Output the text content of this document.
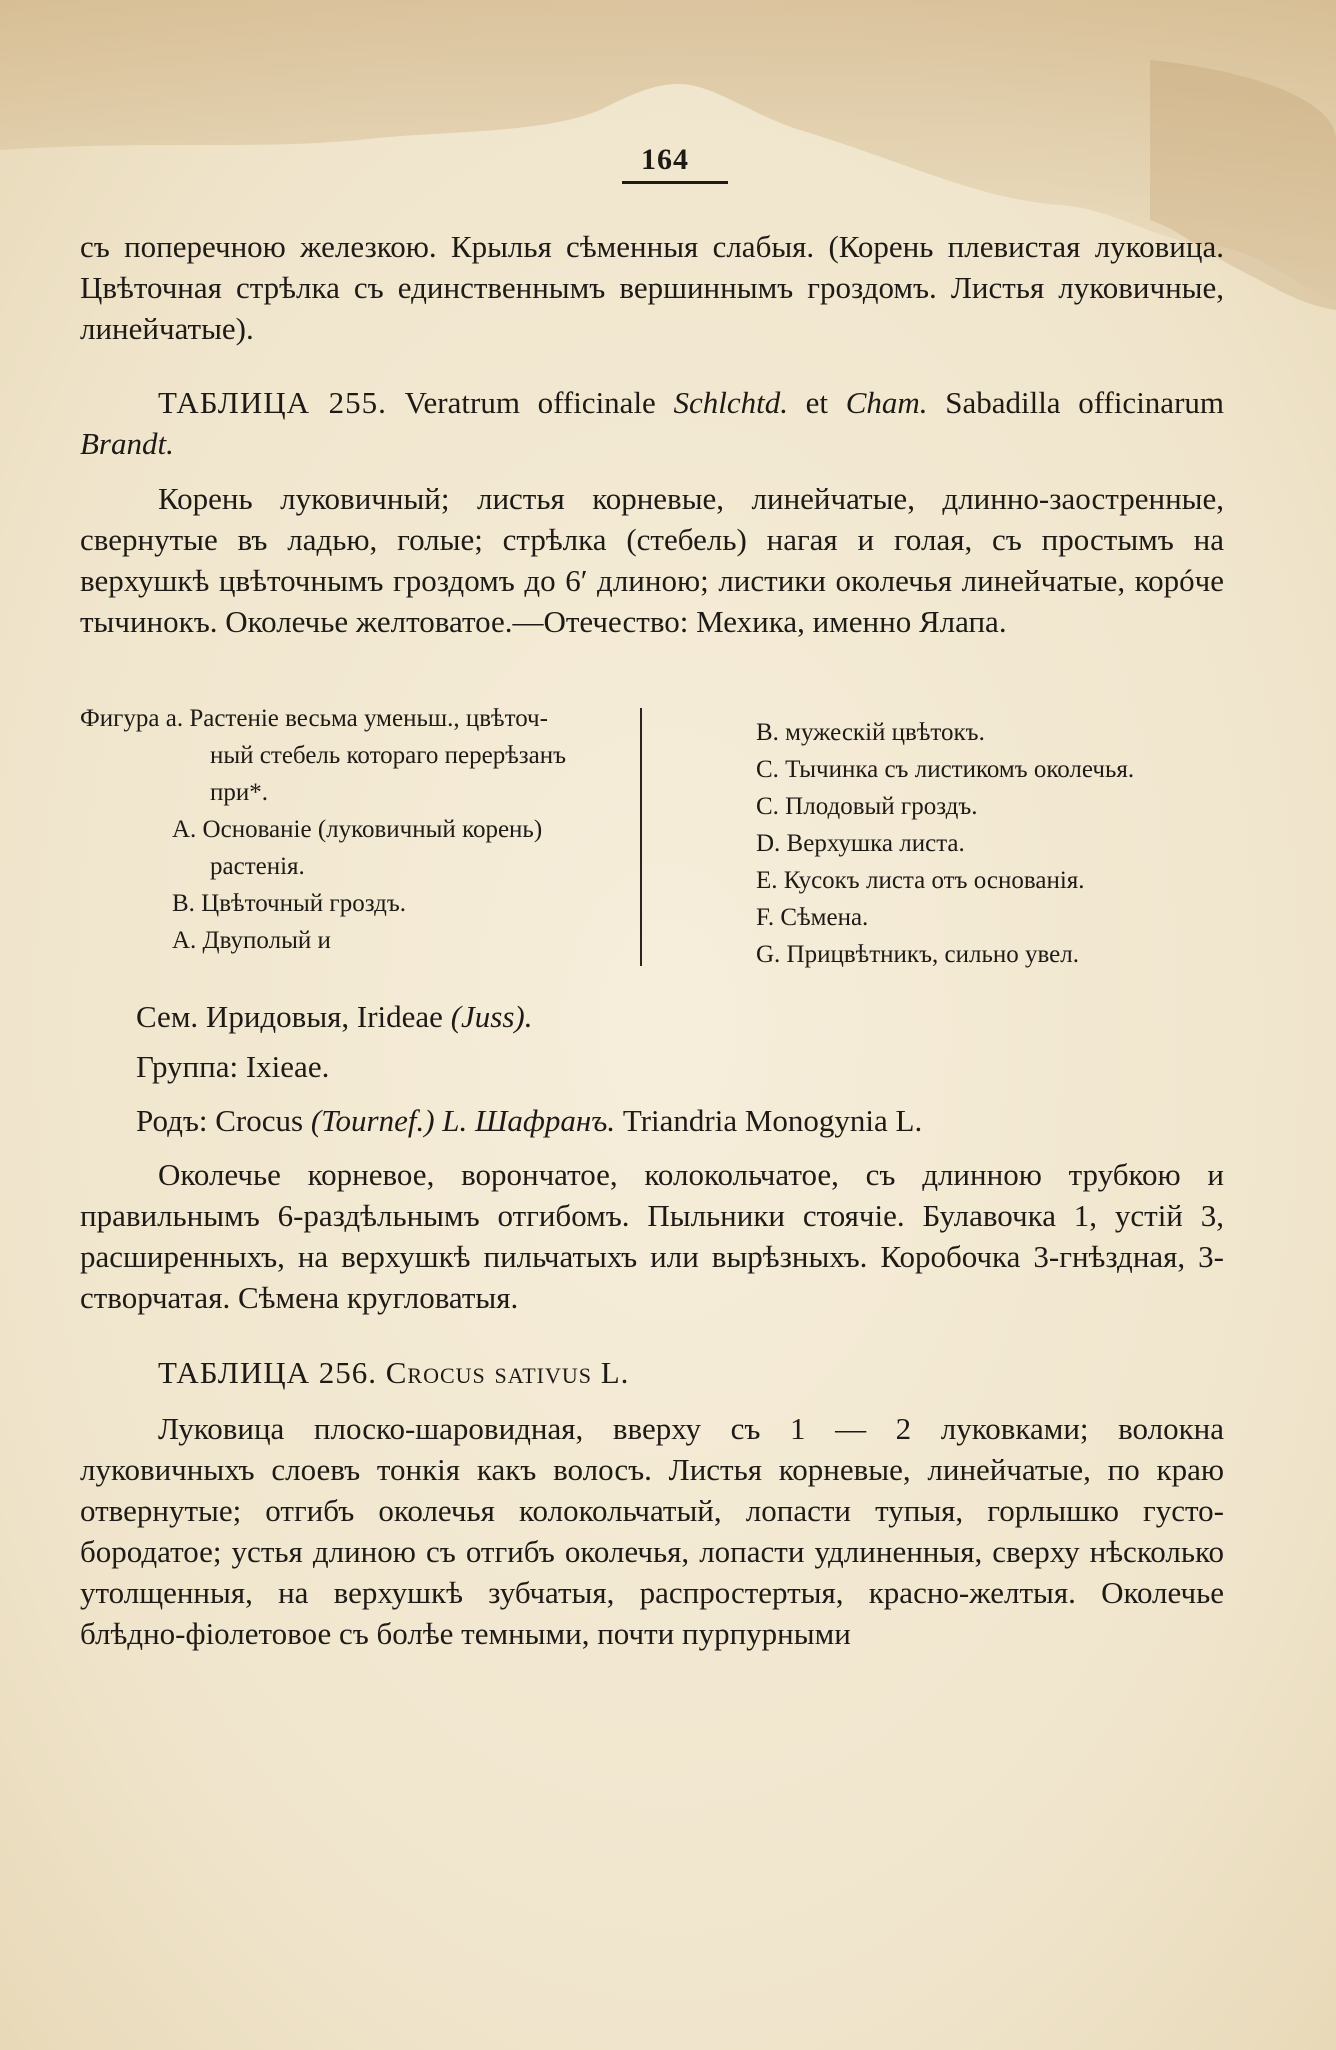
164
съ поперечною железкою. Крылья сѣменныя слабыя. (Корень плевистая луковица. Цвѣточная стрѣлка съ единственнымъ вершиннымъ гроздомъ. Листья луковичные, линейчатые).
ТАБЛИЦА 255. Veratrum officinale Schlchtd. et Cham. Sabadilla officinarum Brandt.
Корень луковичный; листья корневые, линейчатые, длинно-заостренные, свернутые въ ладью, голые; стрѣлка (стебель) нагая и голая, съ простымъ на верхушкѣ цвѣточнымъ гроздомъ до 6′ длиною; листики околечья линейчатые, корóче тычинокъ. Околечье желтоватое.—Отечество: Мехика, именно Ялапа.
Фигура a. Растеніе весьма уменьш., цвѣточ-
ный стебель котораго перерѣзанъ
при*.
A. Основаніе (луковичный корень)
растенія.
B. Цвѣточный гроздъ.
A. Двуполый и
B. мужескій цвѣтокъ.
C. Тычинка съ листикомъ околечья.
C. Плодовый гроздъ.
D. Верхушка листа.
E. Кусокъ листа отъ основанія.
F. Сѣмена.
G. Прицвѣтникъ, сильно увел.
Сем. Иридовыя, Irideae (Juss).
Группа: Ixieae.
Родъ: Crocus (Tournef.) L. Шафранъ. Triandria Monogynia L.
Околечье корневое, ворончатое, колокольчатое, съ длинною трубкою и правильнымъ 6-раздѣльнымъ отгибомъ. Пыльники стоячіе. Булавочка 1, устій 3, расширенныхъ, на верхушкѣ пильчатыхъ или вырѣзныхъ. Коробочка 3-гнѣздная, 3-створчатая. Сѣмена кругловатыя.
ТАБЛИЦА 256. Crocus sativus L.
Луковица плоско-шаровидная, вверху съ 1 — 2 луковками; волокна луковичныхъ слоевъ тонкія какъ волосъ. Листья корневые, линейчатые, по краю отвернутые; отгибъ околечья колокольчатый, лопасти тупыя, горлышко густо-бородатое; устья длиною съ отгибъ околечья, лопасти удлиненныя, сверху нѣсколько утолщенныя, на верхушкѣ зубчатыя, распростертыя, красно-желтыя. Околечье блѣдно-фіолетовое съ болѣе темными, почти пурпурными
